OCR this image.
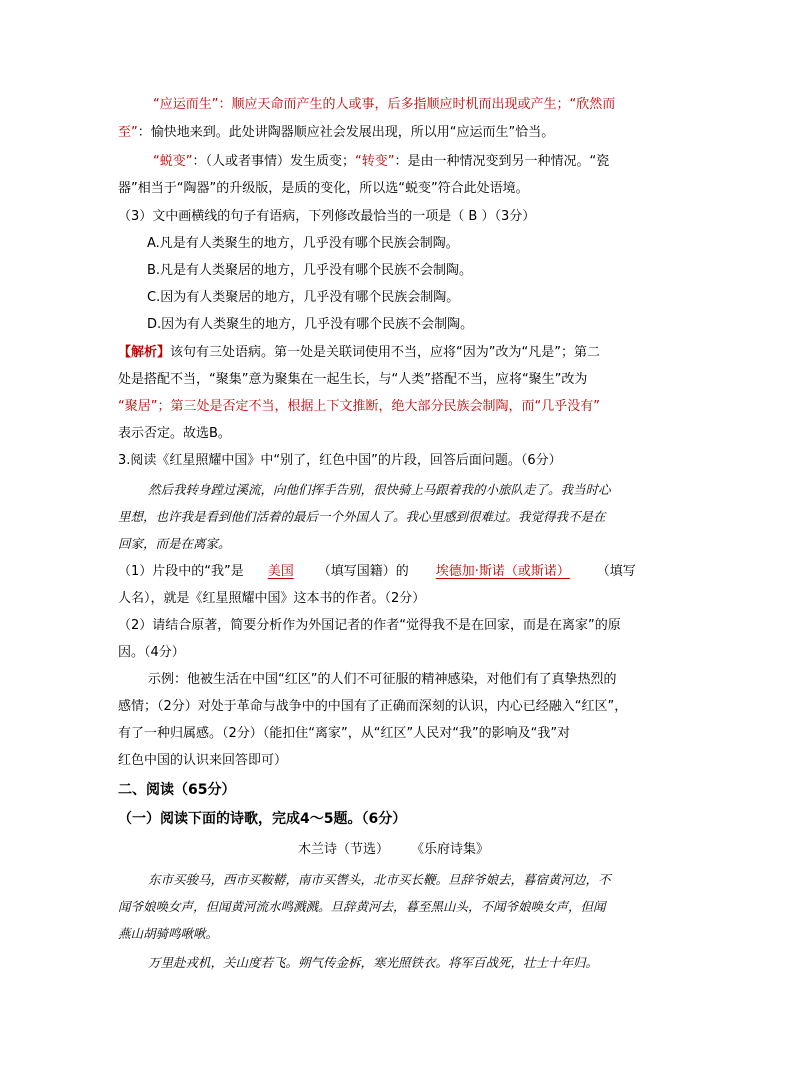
“应运而生”：顺应天命而产生的人或事，后多指顺应时机而出现或产生；“欣然而
至”：愉快地来到。此处讲陶器顺应社会发展出现，所以用“应运而生”恰当。
“蜕变”：（人或者事情）发生质变；“转变”：是由一种情况变到另一种情况。“瓷
器”相当于“陶器”的升级版，是质的变化，所以选“蜕变”符合此处语境。
（3）文中画横线的句子有语病，下列修改最恰当的一项是（ B ）（3分）
A.凡是有人类聚生的地方，几乎没有哪个民族会制陶。
B.凡是有人类聚居的地方，几乎没有哪个民族不会制陶。
C.因为有人类聚居的地方，几乎没有哪个民族会制陶。
D.因为有人类聚生的地方，几乎没有哪个民族不会制陶。
【解析】该句有三处语病。第一处是关联词使用不当，应将“因为”改为“凡是”；第二
处是搭配不当，“聚集”意为聚集在一起生长，与“人类”搭配不当，应将“聚生”改为
“聚居”；第三处是否定不当，根据上下文推断，绝大部分民族会制陶，而“几乎没有”
表示否定。故选B。
3.阅读《红星照耀中国》中“别了，红色中国”的片段，回答后面问题。（6分）
然后我转身蹚过溪流，向他们挥手告别，很快骑上马跟着我的小旅队走了。我当时心
里想，也许我是看到他们活着的最后一个外国人了。我心里感到很难过。我觉得我不是在
回家，而是在离家。
（1）片段中的“我”是 美国 （填写国籍）的 埃德加·斯诺（或斯诺） （填写
人名），就是《红星照耀中国》这本书的作者。（2分）
（2）请结合原著，简要分析作为外国记者的作者“觉得我不是在回家，而是在离家”的原
因。（4分）
示例：他被生活在中国“红区”的人们不可征服的精神感染，对他们有了真挚热烈的
感情；（2分）对处于革命与战争中的中国有了正确而深刻的认识，内心已经融入“红区”，
有了一种归属感。（2分）（能扣住“离家”，从“红区”人民对“我”的影响及“我”对
红色中国的认识来回答即可）
二、阅读（65分）
（一）阅读下面的诗歌，完成4～5题。（6分）
木兰诗（节选） 《乐府诗集》
东市买骏马，西市买鞍鞯，南市买辔头，北市买长鞭。旦辞爷娘去，暮宿黄河边，不
闻爷娘唤女声，但闻黄河流水鸣溅溅。旦辞黄河去，暮至黑山头，不闻爷娘唤女声，但闻
燕山胡骑鸣啾啾。
万里赴戎机，关山度若飞。朔气传金柝，寒光照铁衣。将军百战死，壮士十年归。
